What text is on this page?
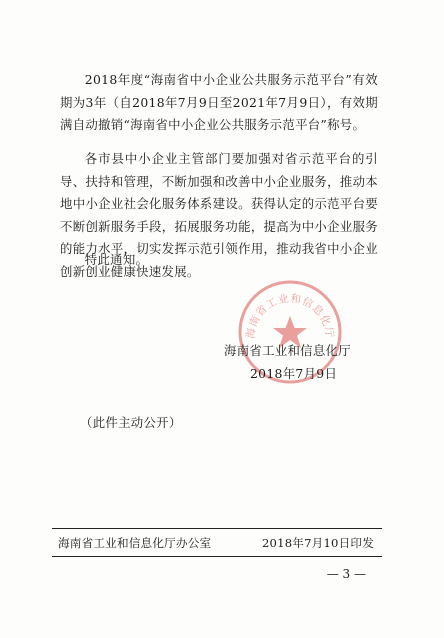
2018年度“海南省中小企业公共服务示范平台”有效期为3年（自2018年7月9日至2021年7月9日），有效期满自动撤销“海南省中小企业公共服务示范平台”称号。
各市县中小企业主管部门要加强对省示范平台的引导、扶持和管理，不断加强和改善中小企业服务，推动本地中小企业社会化服务体系建设。获得认定的示范平台要不断创新服务手段，拓展服务功能，提高为中小企业服务的能力水平，切实发挥示范引领作用，推动我省中小企业创新创业健康快速发展。
特此通知。
海南省工业和信息化厅
海南省工业和信息化厅
2018年7月9日
（此件主动公开）
海南省工业和信息化厅办公室	2018年7月10日印发
— 3 —
